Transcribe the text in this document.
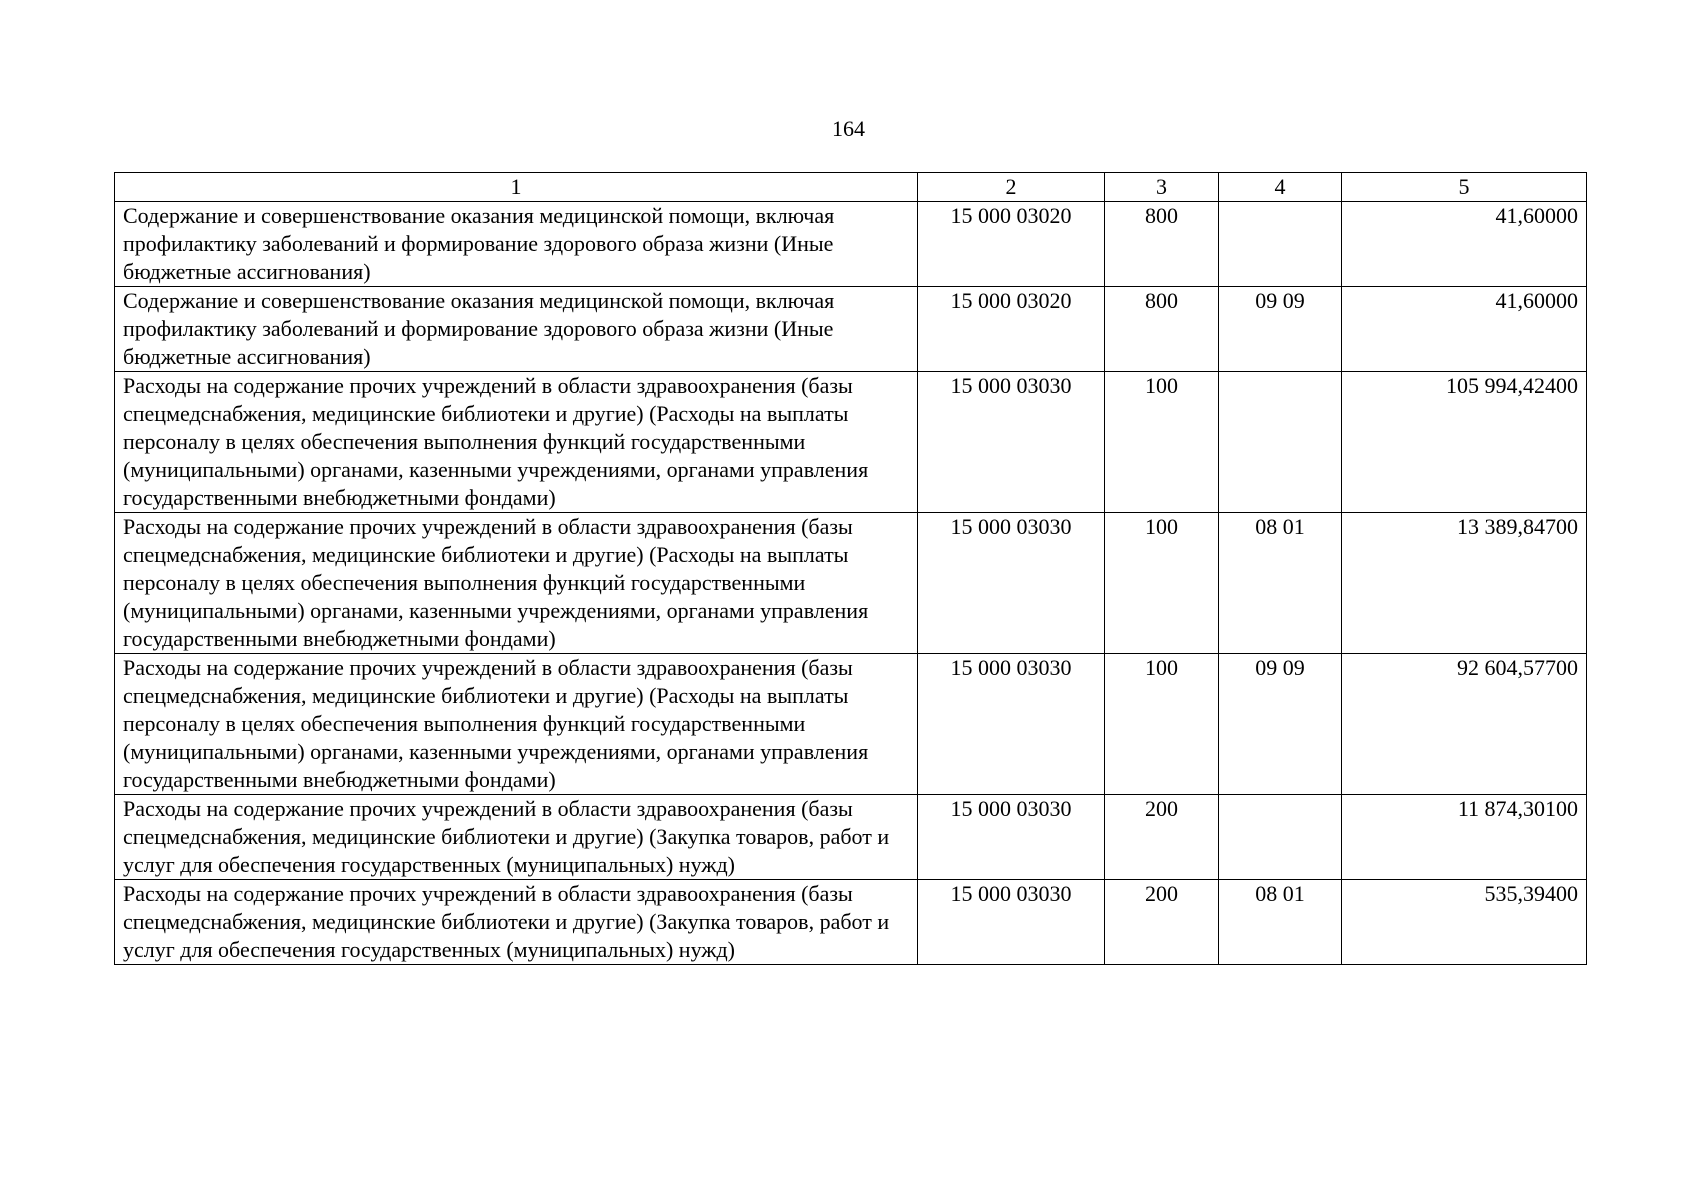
164
1	2	3	4	5
Содержание и совершенствование оказания медицинской помощи, включая профилактику заболеваний и формирование здорового образа жизни (Иные бюджетные ассигнования)	15 000 03020	800		41,60000
Содержание и совершенствование оказания медицинской помощи, включая профилактику заболеваний и формирование здорового образа жизни (Иные бюджетные ассигнования)	15 000 03020	800	09 09	41,60000
Расходы на содержание прочих учреждений в области здравоохранения (базы спецмедснабжения, медицинские библиотеки и другие) (Расходы на выплаты персоналу в целях обеспечения выполнения функций государственными (муниципальными) органами, казенными учреждениями, органами управления государственными внебюджетными фондами)	15 000 03030	100		105 994,42400
Расходы на содержание прочих учреждений в области здравоохранения (базы спецмедснабжения, медицинские библиотеки и другие) (Расходы на выплаты персоналу в целях обеспечения выполнения функций государственными (муниципальными) органами, казенными учреждениями, органами управления государственными внебюджетными фондами)	15 000 03030	100	08 01	13 389,84700
Расходы на содержание прочих учреждений в области здравоохранения (базы спецмедснабжения, медицинские библиотеки и другие) (Расходы на выплаты персоналу в целях обеспечения выполнения функций государственными (муниципальными) органами, казенными учреждениями, органами управления государственными внебюджетными фондами)	15 000 03030	100	09 09	92 604,57700
Расходы на содержание прочих учреждений в области здравоохранения (базы спецмедснабжения, медицинские библиотеки и другие) (Закупка товаров, работ и услуг для обеспечения государственных (муниципальных) нужд)	15 000 03030	200		11 874,30100
Расходы на содержание прочих учреждений в области здравоохранения (базы спецмедснабжения, медицинские библиотеки и другие) (Закупка товаров, работ и услуг для обеспечения государственных (муниципальных) нужд)	15 000 03030	200	08 01	535,39400
